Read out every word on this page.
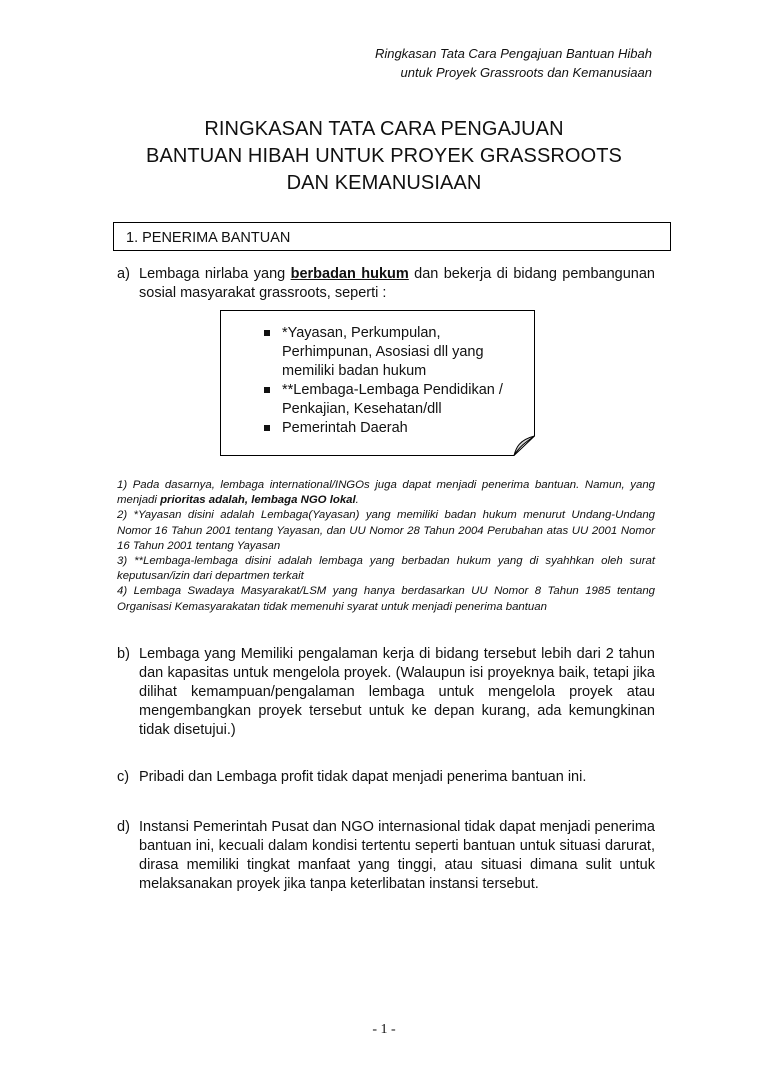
Ringkasan Tata Cara Pengajuan Bantuan Hibah
untuk Proyek Grassroots dan Kemanusiaan
RINGKASAN TATA CARA PENGAJUAN
BANTUAN HIBAH UNTUK PROYEK GRASSROOTS
DAN KEMANUSIAAN
1. PENERIMA BANTUAN
a) Lembaga nirlaba yang berbadan hukum dan bekerja di bidang pembangunan sosial masyarakat grassroots, seperti :
*Yayasan, Perkumpulan, Perhimpunan, Asosiasi dll yang memiliki badan hukum
**Lembaga-Lembaga Pendidikan / Penkajian, Kesehatan/dll
Pemerintah Daerah

1) Pada dasarnya, lembaga international/INGOs juga dapat menjadi penerima bantuan. Namun, yang menjadi prioritas adalah, lembaga NGO lokal.

2) *Yayasan disini adalah Lembaga(Yayasan) yang memiliki badan hukum menurut Undang-Undang Nomor 16 Tahun 2001 tentang Yayasan, dan UU Nomor 28 Tahun 2004 Perubahan atas UU 2001 Nomor 16 Tahun 2001 tentang Yayasan

3) **Lembaga-lembaga disini adalah lembaga yang berbadan hukum yang di syahhkan oleh surat keputusan/izin dari departmen terkait

4) Lembaga Swadaya Masyarakat/LSM yang hanya berdasarkan UU Nomor 8 Tahun 1985 tentang Organisasi Kemasyarakatan tidak memenuhi syarat untuk menjadi penerima bantuan

b) Lembaga yang Memiliki pengalaman kerja di bidang tersebut lebih dari 2 tahun dan kapasitas untuk mengelola proyek. (Walaupun isi proyeknya baik, tetapi jika dilihat kemampuan/pengalaman lembaga untuk mengelola proyek atau mengembangkan proyek tersebut untuk ke depan kurang, ada kemungkinan tidak disetujui.)
c) Pribadi dan Lembaga profit tidak dapat menjadi penerima bantuan ini.
d) Instansi Pemerintah Pusat dan NGO internasional tidak dapat menjadi penerima bantuan ini, kecuali dalam kondisi tertentu seperti bantuan untuk situasi darurat, dirasa memiliki tingkat manfaat yang tinggi, atau situasi dimana sulit untuk melaksanakan proyek jika tanpa keterlibatan instansi tersebut.
- 1 -
